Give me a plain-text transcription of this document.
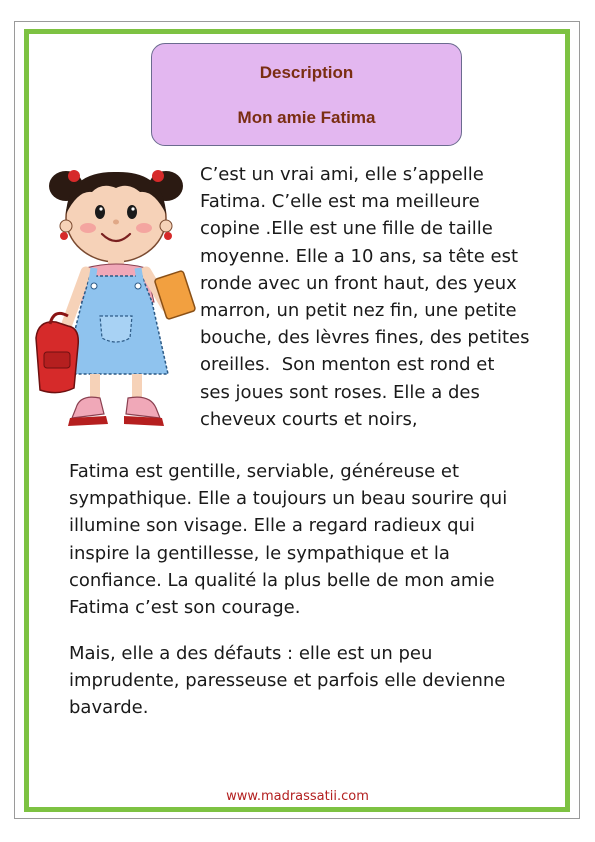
Description
Mon amie Fatima
C’est un vrai ami, elle s’appelle
Fatima. C’elle est ma meilleure
copine .Elle est une fille de taille
moyenne. Elle a 10 ans, sa tête est
ronde avec un front haut, des yeux
marron, un petit nez fin, une petite
bouche, des lèvres fines, des petites
oreilles.  Son menton est rond et
ses joues sont roses. Elle a des
cheveux courts et noirs,
Fatima est gentille, serviable, généreuse et
sympathique. Elle a toujours un beau sourire qui
illumine son visage. Elle a regard radieux qui
inspire la gentillesse, le sympathique et la
confiance. La qualité la plus belle de mon amie
Fatima c’est son courage.
Mais, elle a des défauts : elle est un peu
imprudente, paresseuse et parfois elle devienne
bavarde.
www.madrassatii.com
